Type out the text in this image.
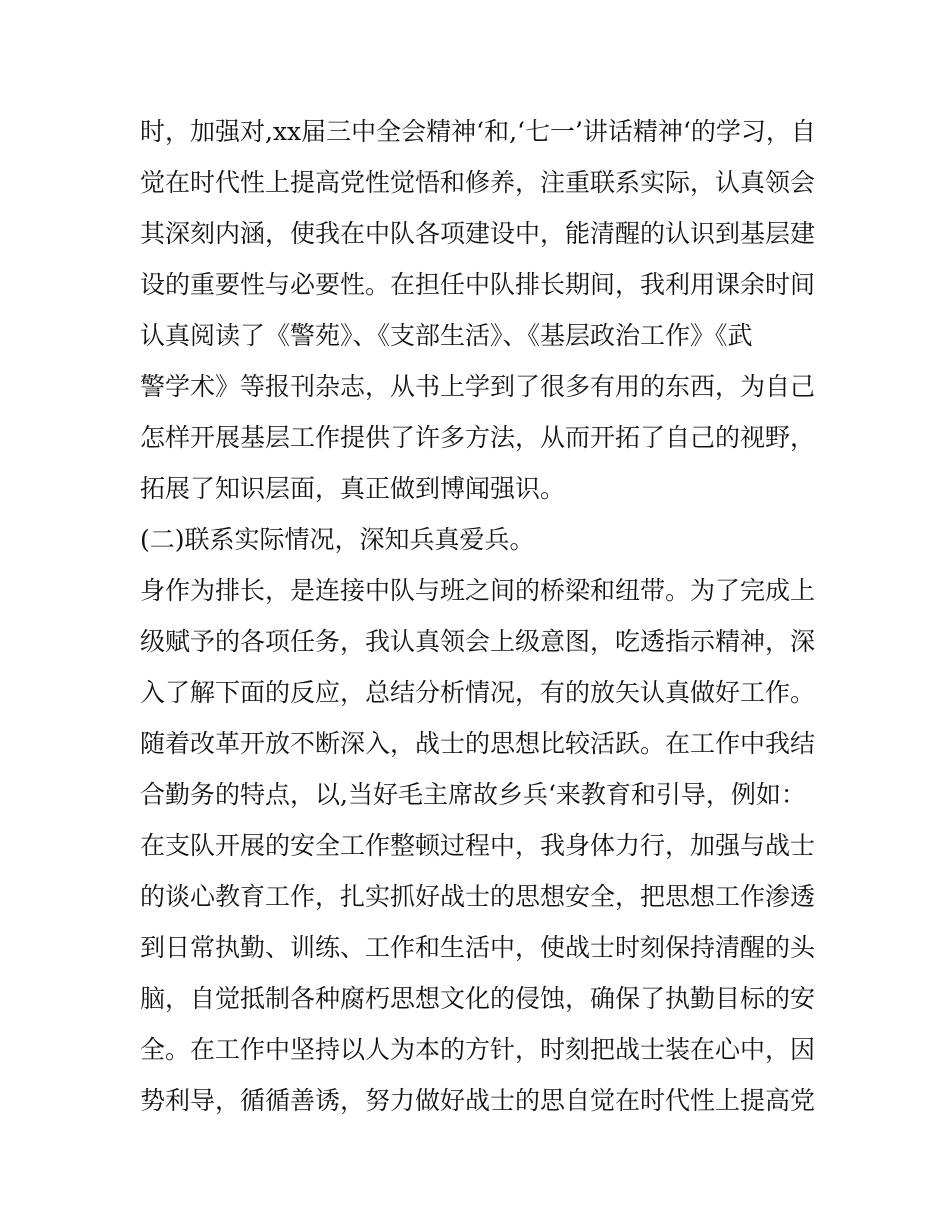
时，加强对,xx届三中全会精神‘和,‘七一’讲话精神‘的学习，自
觉在时代性上提高党性觉悟和修养，注重联系实际，认真领会
其深刻内涵，使我在中队各项建设中，能清醒的认识到基层建
设的重要性与必要性。在担任中队排长期间，我利用课余时间
认真阅读了《警苑》、《支部生活》、《基层政治工作》《武
警学术》等报刊杂志，从书上学到了很多有用的东西，为自己
怎样开展基层工作提供了许多方法，从而开拓了自己的视野，
拓展了知识层面，真正做到博闻强识。
(二)联系实际情况，深知兵真爱兵。
身作为排长，是连接中队与班之间的桥梁和纽带。为了完成上
级赋予的各项任务，我认真领会上级意图，吃透指示精神，深
入了解下面的反应，总结分析情况，有的放矢认真做好工作。
随着改革开放不断深入，战士的思想比较活跃。在工作中我结
合勤务的特点，以,当好毛主席故乡兵‘来教育和引导，例如：
在支队开展的安全工作整顿过程中，我身体力行，加强与战士
的谈心教育工作，扎实抓好战士的思想安全，把思想工作渗透
到日常执勤、训练、工作和生活中，使战士时刻保持清醒的头
脑，自觉抵制各种腐朽思想文化的侵蚀，确保了执勤目标的安
全。在工作中坚持以人为本的方针，时刻把战士装在心中，因
势利导，循循善诱，努力做好战士的思自觉在时代性上提高党
